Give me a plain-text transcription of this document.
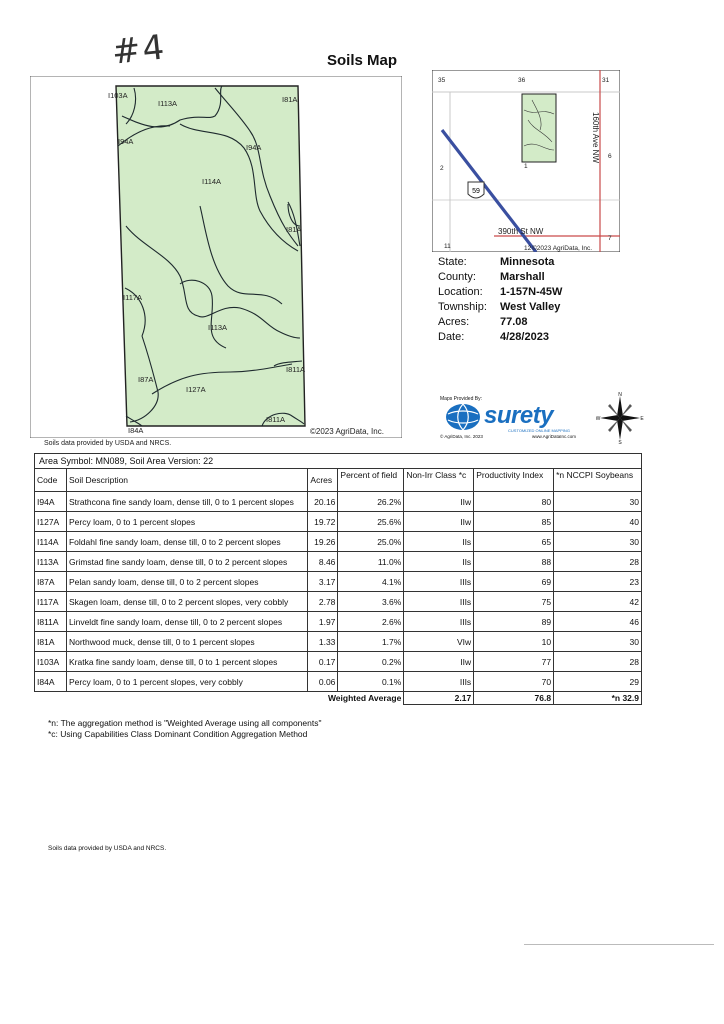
#4	Soils Map
I103A
I113A	I81A
I94A
I94A
I114A
I81A
I117A
I113A
I87A
I127A
I811A
I811A
I84A	©2023 AgriData, Inc.
Soils data provided by USDA and NRCS.
59
35	36	31
2	1
6
11	12
7
160th Ave NW
390th St NW
©2023 AgriData, Inc.
State:	Minnesota
County: Marshall
Location: 1-157N-45W
Township: West Valley
Acres:	77.08
Date:	4/28/2023
Maps Provided By:
surety
CUSTOMIZED ONLINE MAPPING
© AgriData, Inc. 2023	www.AgriDataInc.com
N
S
E
W
Area Symbol: MN089, Soil Area Version: 22						
Code	Soil Description	Acres	Percent of field	Non-Irr Class *c	Productivity Index	*n NCCPI Soybeans
I94A	Strathcona fine sandy loam, dense till, 0 to 1 percent slopes	20.16	26.2%	IIw	80	30
I127A	Percy loam, 0 to 1 percent slopes	19.72	25.6%	IIw	85	40
I114A	Foldahl fine sandy loam, dense till, 0 to 2 percent slopes	19.26	25.0%	IIs	65	30
I113A	Grimstad fine sandy loam, dense till, 0 to 2 percent slopes	8.46	11.0%	IIs	88	28
I87A	Pelan sandy loam, dense till, 0 to 2 percent slopes	3.17	4.1%	IIIs	69	23
I117A	Skagen loam, dense till, 0 to 2 percent slopes, very cobbly	2.78	3.6%	IIIs	75	42
I811A	Linveldt fine sandy loam, dense till, 0 to 2 percent slopes	1.97	2.6%	IIIs	89	46
I81A	Northwood muck, dense till, 0 to 1 percent slopes	1.33	1.7%	VIw	10	30
I103A	Kratka fine sandy loam, dense till, 0 to 1 percent slopes	0.17	0.2%	IIw	77	28
I84A	Percy loam, 0 to 1 percent slopes, very cobbly	0.06	0.1%	IIIs	70	29
Weighted Average				2.17	76.8	*n 32.9
*n: The aggregation method is "Weighted Average using all components"
*c: Using Capabilities Class Dominant Condition Aggregation Method
Soils data provided by USDA and NRCS.
